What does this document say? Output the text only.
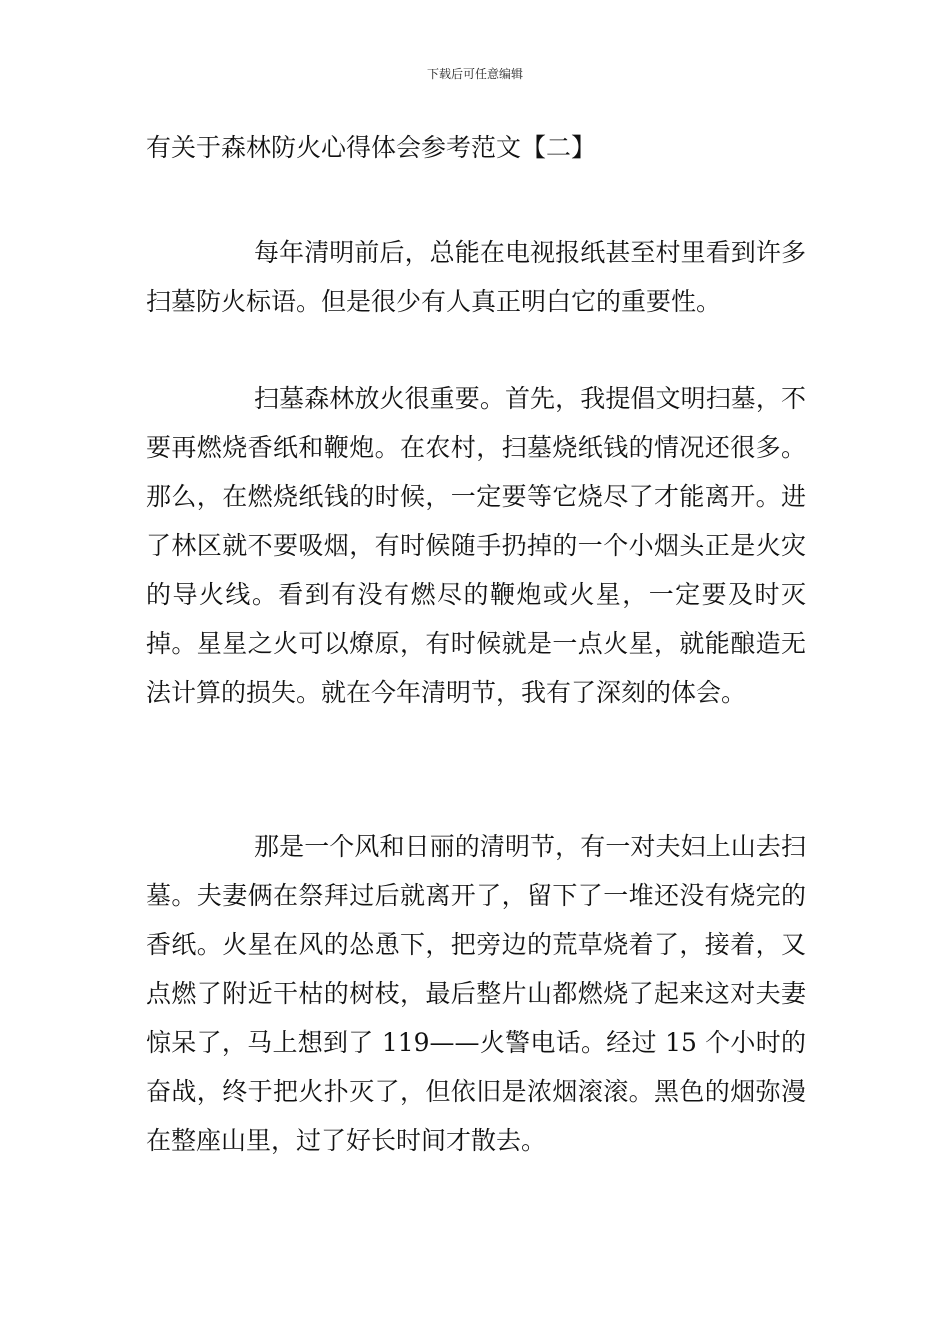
下载后可任意编辑
有关于森林防火心得体会参考范文【二】

每年清明前后，总能在电视报纸甚至村里看到许多扫墓防火标语。但是很少有人真正明白它的重要性。

扫墓森林放火很重要。首先，我提倡文明扫墓，不要再燃烧香纸和鞭炮。在农村，扫墓烧纸钱的情况还很多。那么，在燃烧纸钱的时候，一定要等它烧尽了才能离开。进了林区就不要吸烟，有时候随手扔掉的一个小烟头正是火灾的导火线。看到有没有燃尽的鞭炮或火星，一定要及时灭掉。星星之火可以燎原，有时候就是一点火星，就能酿造无法计算的损失。就在今年清明节，我有了深刻的体会。

那是一个风和日丽的清明节，有一对夫妇上山去扫墓。夫妻俩在祭拜过后就离开了，留下了一堆还没有烧完的香纸。火星在风的怂恿下，把旁边的荒草烧着了，接着，又点燃了附近干枯的树枝，最后整片山都燃烧了起来这对夫妻惊呆了，马上想到了 119——火警电话。经过 15 个小时的奋战，终于把火扑灭了，但依旧是浓烟滚滚。黑色的烟弥漫在整座山里，过了好长时间才散去。
